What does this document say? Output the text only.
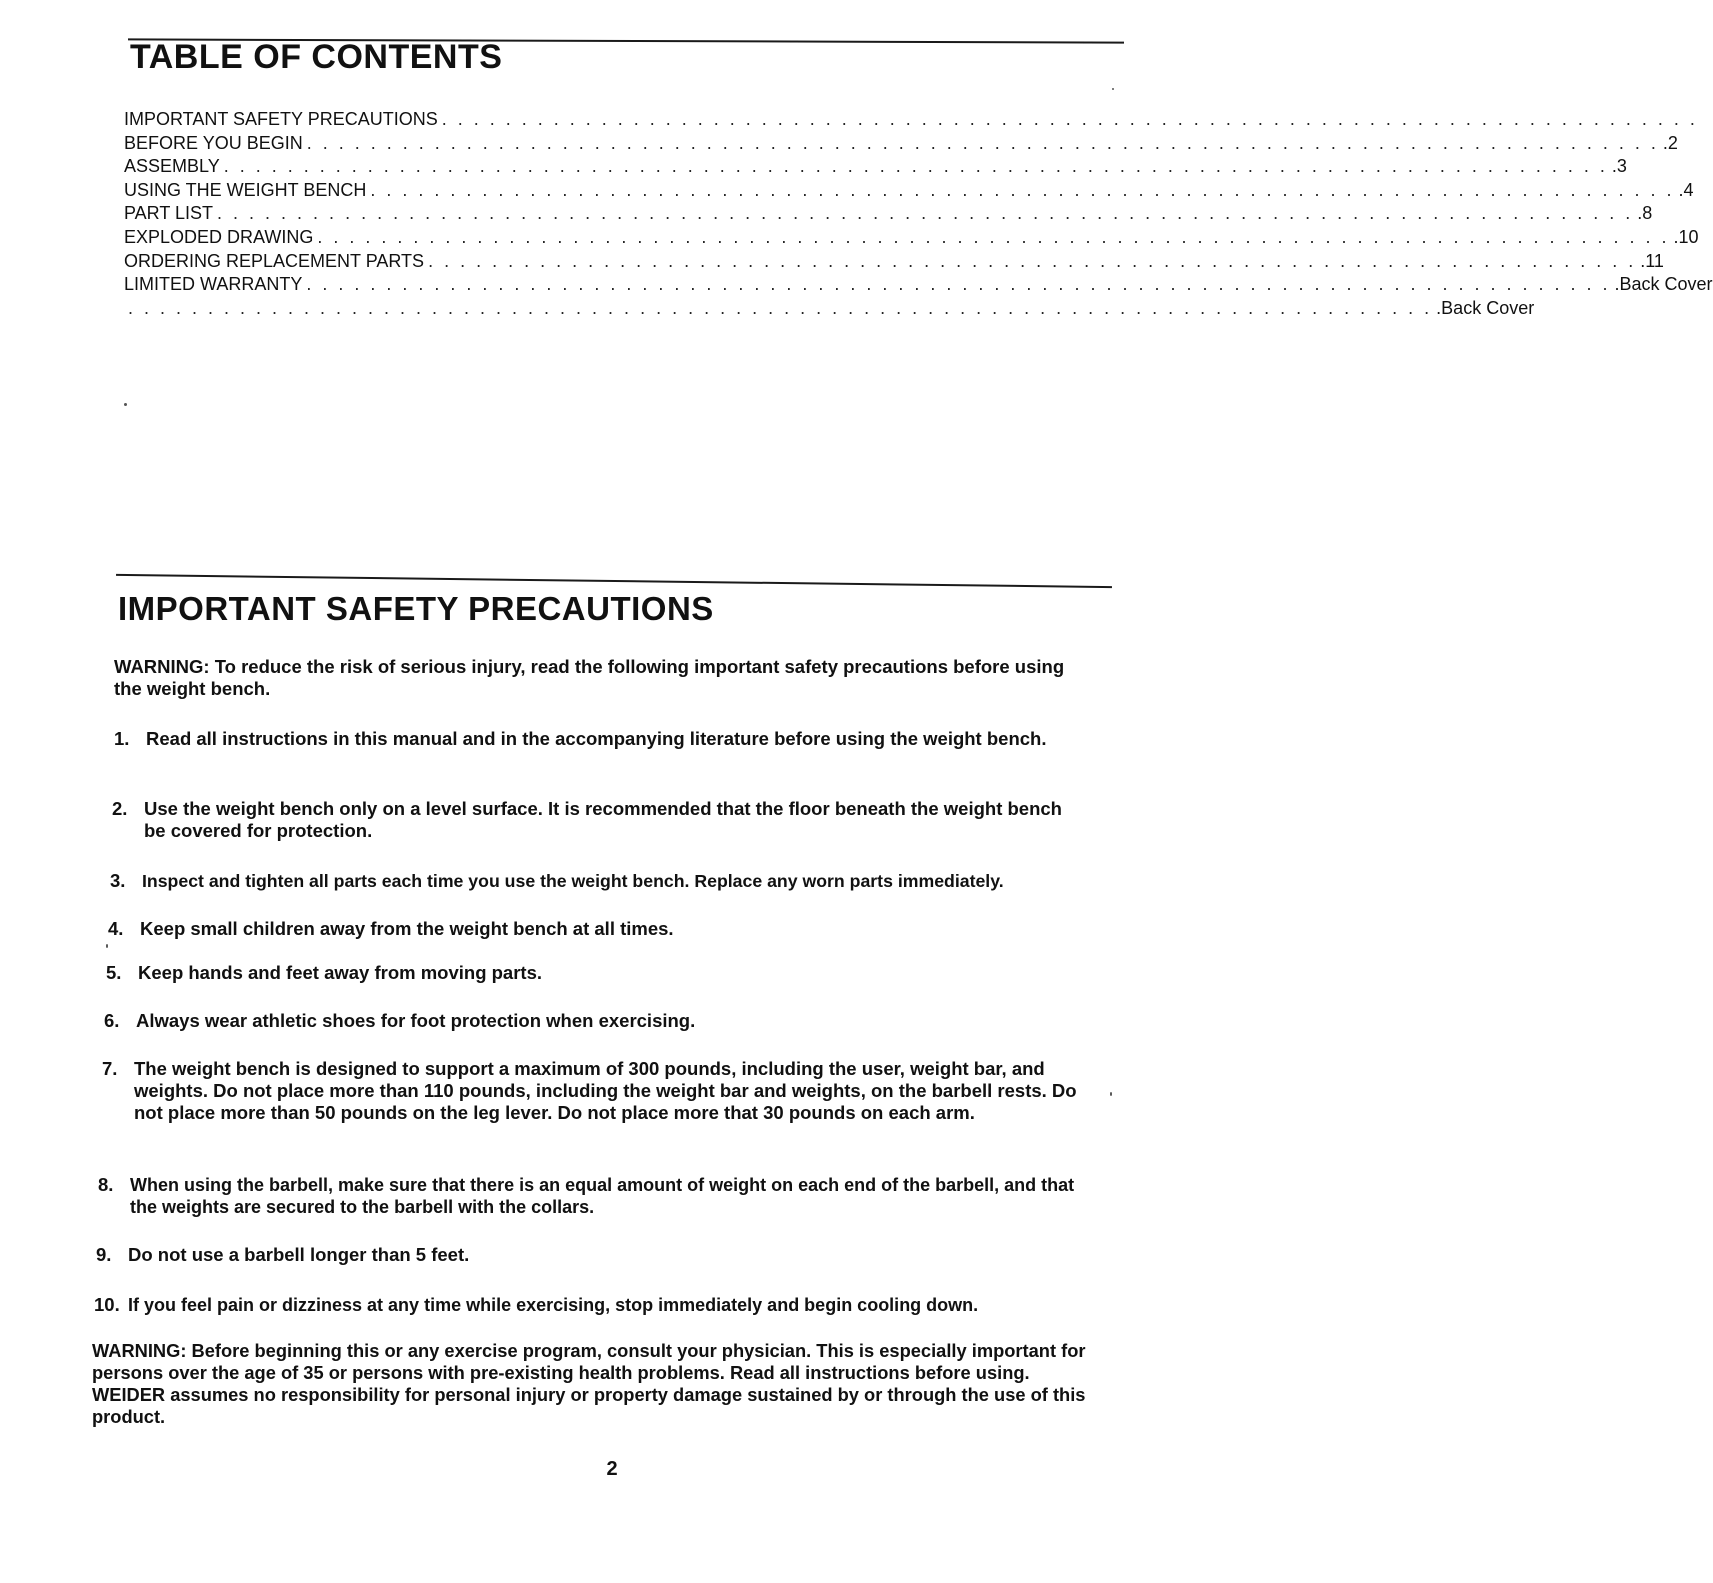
TABLE OF CONTENTS
IMPORTANT SAFETY PRECAUTIONS . . . . . . . . . . . . . . . . . . . . . . . . . . . . . . . . . . . . . . . . . . . . . . . . . . . . . . . . . . . . . . . . . . . . . . . . . . . . . . .
BEFORE YOU BEGIN . . . . . . . . . . . . . . . . . . . . . . . . . . . . . . . . . . . . . . . . . . . . . . . . . . . . . . . . . . . . . . . . . . . . . . . . . . . . . . . . . . . . . .2
ASSEMBLY . . . . . . . . . . . . . . . . . . . . . . . . . . . . . . . . . . . . . . . . . . . . . . . . . . . . . . . . . . . . . . . . . . . . . . . . . . . . . . . . . . . . . . . .3
USING THE WEIGHT BENCH . . . . . . . . . . . . . . . . . . . . . . . . . . . . . . . . . . . . . . . . . . . . . . . . . . . . . . . . . . . . . . . . . . . . . . . . . . . . . . . . . . .4
PART LIST . . . . . . . . . . . . . . . . . . . . . . . . . . . . . . . . . . . . . . . . . . . . . . . . . . . . . . . . . . . . . . . . . . . . . . . . . . . . . . . . . . . . . . . . . .8
EXPLODED DRAWING . . . . . . . . . . . . . . . . . . . . . . . . . . . . . . . . . . . . . . . . . . . . . . . . . . . . . . . . . . . . . . . . . . . . . . . . . . . . . . . . . . . . . .10
ORDERING REPLACEMENT PARTS . . . . . . . . . . . . . . . . . . . . . . . . . . . . . . . . . . . . . . . . . . . . . . . . . . . . . . . . . . . . . . . . . . . . . . . . . . . . .11
LIMITED WARRANTY . . . . . . . . . . . . . . . . . . . . . . . . . . . . . . . . . . . . . . . . . . . . . . . . . . . . . . . . . . . . . . . . . . . . . . . . . . . . . . . . . . .Back Cover
. . . . . . . . . . . . . . . . . . . . . . . . . . . . . . . . . . . . . . . . . . . . . . . . . . . . . . . . . . . . . . . . . . . . . . . . . . . . . . . . . . .Back Cover
IMPORTANT SAFETY PRECAUTIONS

WARNING: To reduce the risk of serious injury, read the following important safety precautions before using the weight bench.

1. Read all instructions in this manual and in the accompanying literature before using the weight bench.
2. Use the weight bench only on a level surface. It is recommended that the floor beneath the weight bench be covered for protection.
3. Inspect and tighten all parts each time you use the weight bench. Replace any worn parts immediately.
4. Keep small children away from the weight bench at all times.
5. Keep hands and feet away from moving parts.
6. Always wear athletic shoes for foot protection when exercising.
7. The weight bench is designed to support a maximum of 300 pounds, including the user, weight bar, and weights. Do not place more than 110 pounds, including the weight bar and weights, on the barbell rests. Do not place more than 50 pounds on the leg lever. Do not place more that 30 pounds on each arm.
8. When using the barbell, make sure that there is an equal amount of weight on each end of the barbell, and that the weights are secured to the barbell with the collars.
9. Do not use a barbell longer than 5 feet.
10. If you feel pain or dizziness at any time while exercising, stop immediately and begin cooling down.

WARNING: Before beginning this or any exercise program, consult your physician. This is especially important for persons over the age of 35 or persons with pre-existing health problems. Read all instructions before using. WEIDER assumes no responsibility for personal injury or property damage sustained by or through the use of this product.

2
